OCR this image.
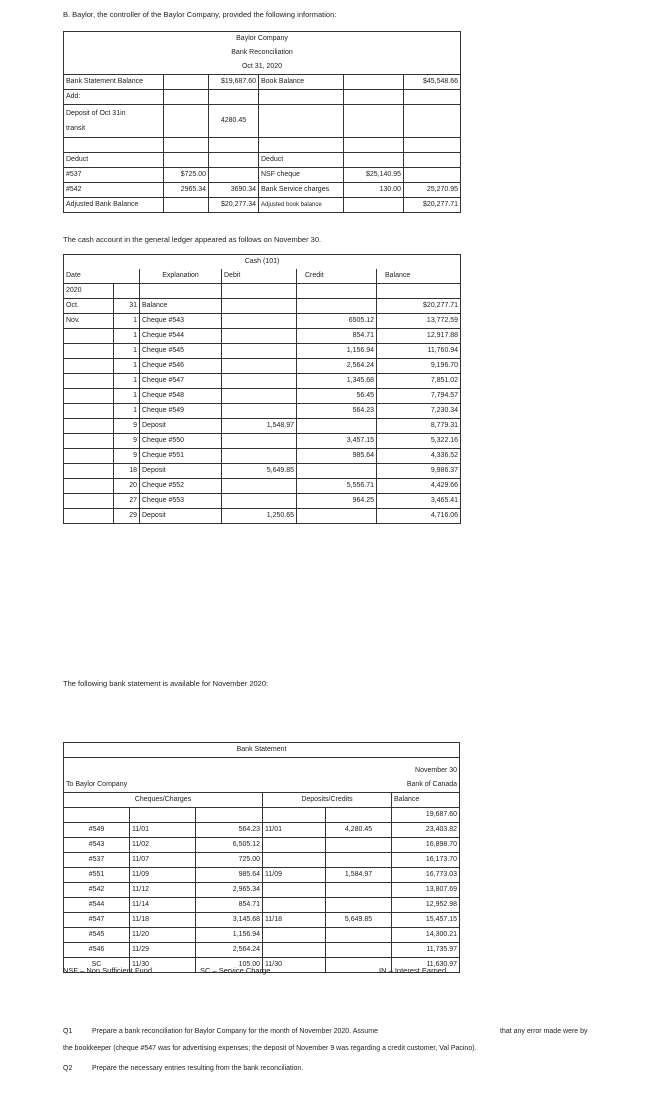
B. Baylor, the controller of the Baylor Company, provided the following information:
Baylor Company					
Bank Reconciliation					
Oct 31, 2020					
Bank Statement Balance		$19,687.60	Book Balance		$45,548.66
Add:					
Deposit of Oct 31in
transit		4280.45			

Deduct			Deduct		
#537	$725.00		NSF cheque	$25,140.95	
#542	2965.34	3690.34	Bank Service charges	130.00	25,270.95
Adjusted Bank Balance		$20,277.34	Adjusted book balance		$20,277.71
The cash account in the general ledger appeared as follows on November 30.
Cash (101)					
Date		Explanation	Debit	Credit	Balance
2020					
Oct.	31	Balance			$20,277.71
Nov.	1	Cheque #543		6505.12	13,772.59
	1	Cheque #544		854.71	12,917.88
	1	Cheque #545		1,156.94	11,760.94
	1	Cheque #546		2,564.24	9,196.70
	1	Cheque #547		1,345.68	7,851.02
	1	Cheque #548		56.45	7,794.57
	1	Cheque #549		564.23	7,230.34
	9	Deposit	1,548.97		8,779.31
	9	Cheque #550		3,457.15	5,322.16
	9	Cheque #551		985.64	4,336.52
	18	Deposit	5,649.85		9,986.37
	20	Cheque #552		5,556.71	4,429.66
	27	Cheque #553		964.25	3,465.41
	29	Deposit	1,250.65		4,716.06
The following bank statement is available for November 2020:
Bank Statement					

					November 30
To Baylor Company					Bank of Canada
Cheques/Charges			Deposits/Credits		Balance
					19,687.60
#549	11/01	564.23	11/01	4,280.45	23,403.82
#543	11/02	6,505.12			16,898.70
#537	11/07	725.00			16,173.70
#551	11/09	985.64	11/09	1,584.97	16,773.03
#542	11/12	2,965.34			13,807.69
#544	11/14	854.71			12,952.98
#547	11/18	3,145.68	11/18	5,649.85	15,457.15
#545	11/20	1,156.94			14,300.21
#546	11/29	2,564.24			11,735.97
SC	11/30	105.00	11/30		11,630.97
NSF – Non Sufficient Fund	SC – Service Charge	IN – Interest Earned
Q1	Prepare a bank reconciliation for Baylor Company for the month of November 2020. Assume	that any error made were by
the bookkeeper (cheque #547 was for advertising expenses; the deposit of November 9 was regarding a credit customer, Val Pacino).
Q2	Prepare the necessary entries resulting from the bank reconciliation.
